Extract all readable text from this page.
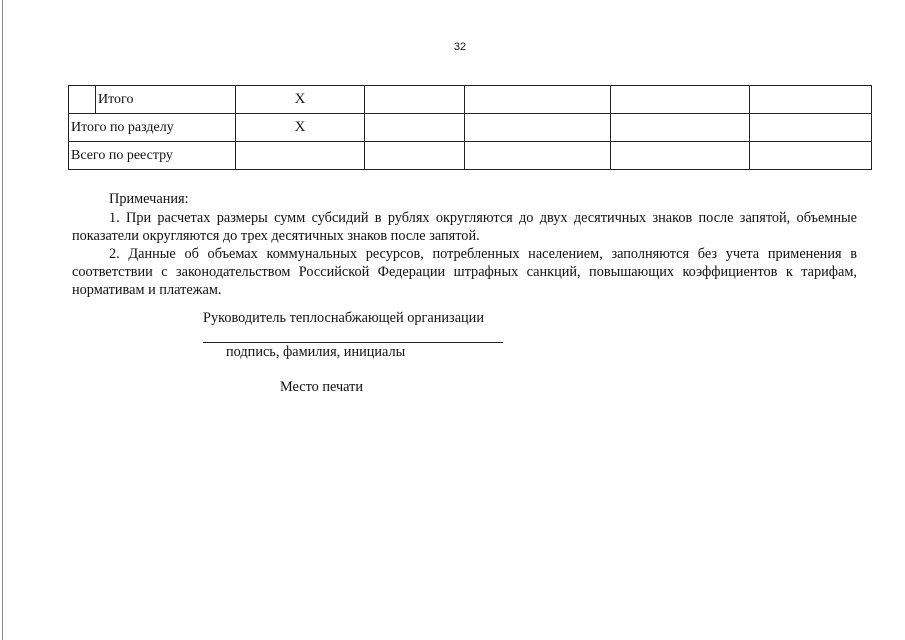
32
	Итого	X				
Итого по разделу		X				
Всего по реестру						

Примечания:

1. При расчетах размеры сумм субсидий в рублях округляются до двух десятичных знаков после запятой, объемные показатели округляются до трех десятичных знаков после запятой.

2. Данные об объемах коммунальных ресурсов, потребленных населением, заполняются без учета применения в соответствии с законодательством Российской Федерации штрафных санкций, повышающих коэффициентов к тарифам, нормативам и платежам.

Руководитель теплоснабжающей организации
подпись, фамилия, инициалы
Место печати
